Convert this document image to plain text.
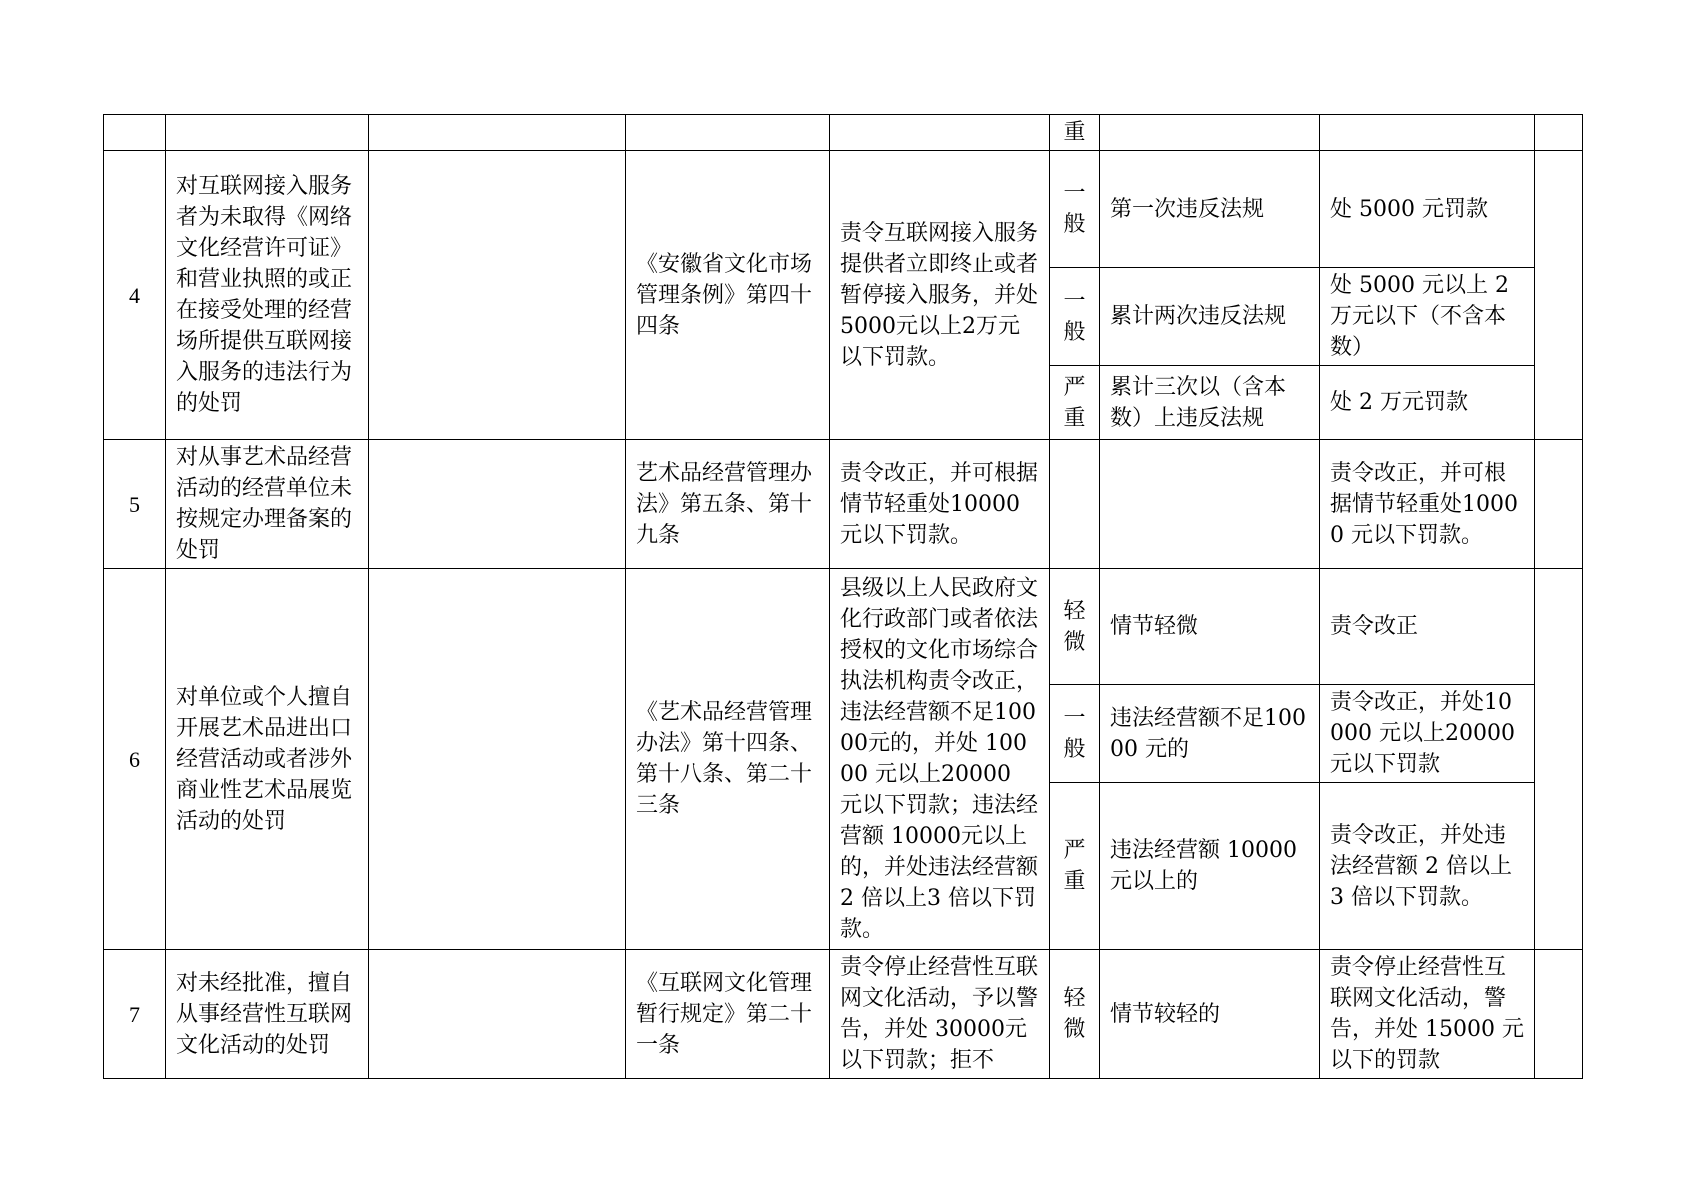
					重			
4	对互联网接入服务者为未取得《网络文化经营许可证》和营业执照的或正在接受处理的经营场所提供互联网接入服务的违法行为的处罚		《安徽省文化市场管理条例》第四十四条	责令互联网接入服务提供者立即终止或者暂停接入服务，并处5000元以上2万元以下罚款。	一般	第一次违反法规	处 5000 元罚款	
					一般	累计两次违反法规	处 5000 元以上 2 万元以下（不含本数）	
					严重	累计三次以（含本数）上违反法规	处 2 万元罚款	
5	对从事艺术品经营活动的经营单位未按规定办理备案的处罚		艺术品经营管理办法》第五条、第十九条	责令改正，并可根据情节轻重处10000 元以下罚款。			责令改正，并可根据情节轻重处10000 元以下罚款。	
6	对单位或个人擅自开展艺术品进出口经营活动或者涉外商业性艺术品展览活动的处罚		《艺术品经营管理办法》第十四条、第十八条、第二十三条	县级以上人民政府文化行政部门或者依法授权的文化市场综合执法机构责令改正，违法经营额不足10000元的，并处 10000 元以上20000 元以下罚款；违法经营额 10000元以上的，并处违法经营额 2 倍以上3 倍以下罚款。	轻微	情节轻微	责令改正	
					一般	违法经营额不足10000 元的	责令改正，并处10000 元以上20000 元以下罚款	
					严重	违法经营额 10000元以上的	责令改正，并处违法经营额 2 倍以上3 倍以下罚款。	
7	对未经批准，擅自从事经营性互联网文化活动的处罚		《互联网文化管理暂行规定》第二十一条	责令停止经营性互联网文化活动，予以警告，并处 30000元以下罚款；拒不	轻微	情节较轻的	责令停止经营性互联网文化活动，警告，并处 15000 元以下的罚款	
